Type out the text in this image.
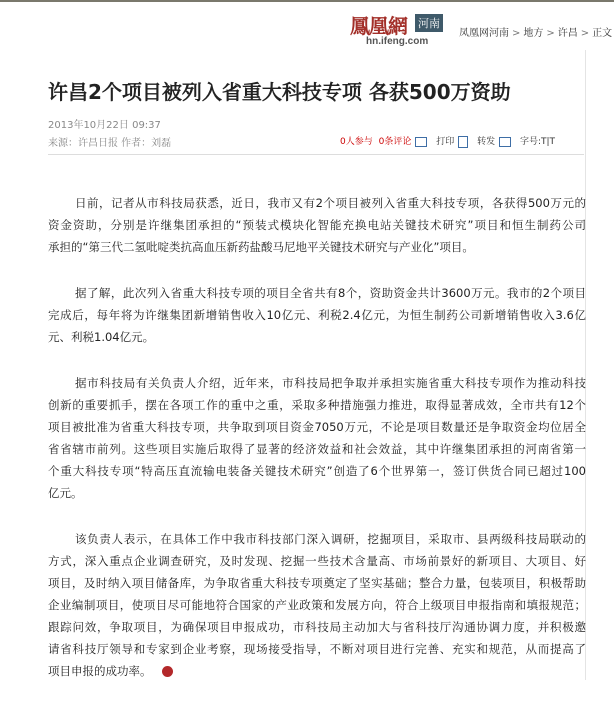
鳳凰網 河南
hn.ifeng.com
凤凰网河南 > 地方 > 许昌 > 正文
许昌2个项目被列入省重大科技专项 各获500万资助
2013年10月22日 09:37
来源：许昌日报 作者：刘磊	0人参与 0条评论	打印	转发	字号:T|T
日前，记者从市科技局获悉，近日，我市又有2个项目被列入省重大科技专项，各获得500万元的
资金资助，分别是许继集团承担的“预装式模块化智能充换电站关键技术研究”项目和恒生制药公司
承担的“第三代二氢吡啶类抗高血压新药盐酸马尼地平关键技术研究与产业化”项目。
据了解，此次列入省重大科技专项的项目全省共有8个，资助资金共计3600万元。我市的2个项目
完成后，每年将为许继集团新增销售收入10亿元、利税2.4亿元，为恒生制药公司新增销售收入3.6亿
元、利税1.04亿元。
据市科技局有关负责人介绍，近年来，市科技局把争取并承担实施省重大科技专项作为推动科技
创新的重要抓手，摆在各项工作的重中之重，采取多种措施强力推进，取得显著成效，全市共有12个
项目被批准为省重大科技专项，共争取到项目资金7050万元，不论是项目数量还是争取资金均位居全
省省辖市前列。这些项目实施后取得了显著的经济效益和社会效益，其中许继集团承担的河南省第一
个重大科技专项“特高压直流输电装备关键技术研究”创造了6个世界第一，签订供货合同已超过100
亿元。
该负责人表示，在具体工作中我市科技部门深入调研，挖掘项目，采取市、县两级科技局联动的
方式，深入重点企业调查研究，及时发现、挖掘一些技术含量高、市场前景好的新项目、大项目、好
项目，及时纳入项目储备库，为争取省重大科技专项奠定了坚实基础；整合力量，包装项目，积极帮助
企业编制项目，使项目尽可能地符合国家的产业政策和发展方向，符合上级项目申报指南和填报规范；
跟踪问效，争取项目，为确保项目申报成功，市科技局主动加大与省科技厅沟通协调力度，并积极邀
请省科技厅领导和专家到企业考察，现场接受指导，不断对项目进行完善、充实和规范，从而提高了
项目申报的成功率。
